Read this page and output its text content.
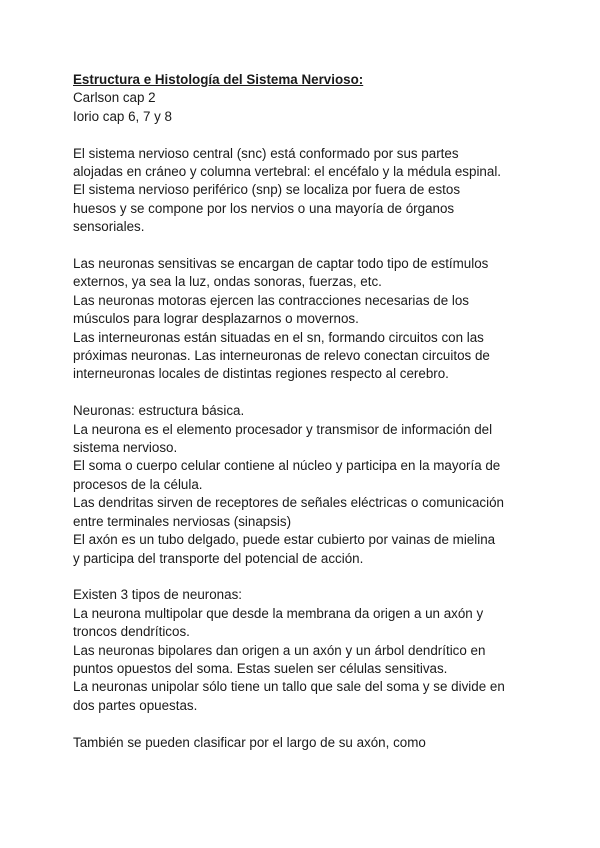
Estructura e Histología del Sistema Nervioso:
Carlson cap 2
Iorio cap 6, 7 y 8
El sistema nervioso central (snc) está conformado por sus partes
alojadas en cráneo y columna vertebral: el encéfalo y la médula espinal.
El sistema nervioso periférico (snp) se localiza por fuera de estos
huesos y se compone por los nervios o una mayoría de órganos
sensoriales.
Las neuronas sensitivas se encargan de captar todo tipo de estímulos
externos, ya sea la luz, ondas sonoras, fuerzas, etc.
Las neuronas motoras ejercen las contracciones necesarias de los
músculos para lograr desplazarnos o movernos.
Las interneuronas están situadas en el sn, formando circuitos con las
próximas neuronas. Las interneuronas de relevo conectan circuitos de
interneuronas locales de distintas regiones respecto al cerebro.
Neuronas: estructura básica.
La neurona es el elemento procesador y transmisor de información del
sistema nervioso.
El soma o cuerpo celular contiene al núcleo y participa en la mayoría de
procesos de la célula.
Las dendritas sirven de receptores de señales eléctricas o comunicación
entre terminales nerviosas (sinapsis)
El axón es un tubo delgado, puede estar cubierto por vainas de mielina
y participa del transporte del potencial de acción.
Existen 3 tipos de neuronas:
La neurona multipolar que desde la membrana da origen a un axón y
troncos dendríticos.
Las neuronas bipolares dan origen a un axón y un árbol dendrítico en
puntos opuestos del soma. Estas suelen ser células sensitivas.
La neuronas unipolar sólo tiene un tallo que sale del soma y se divide en
dos partes opuestas.
También se pueden clasificar por el largo de su axón, como
